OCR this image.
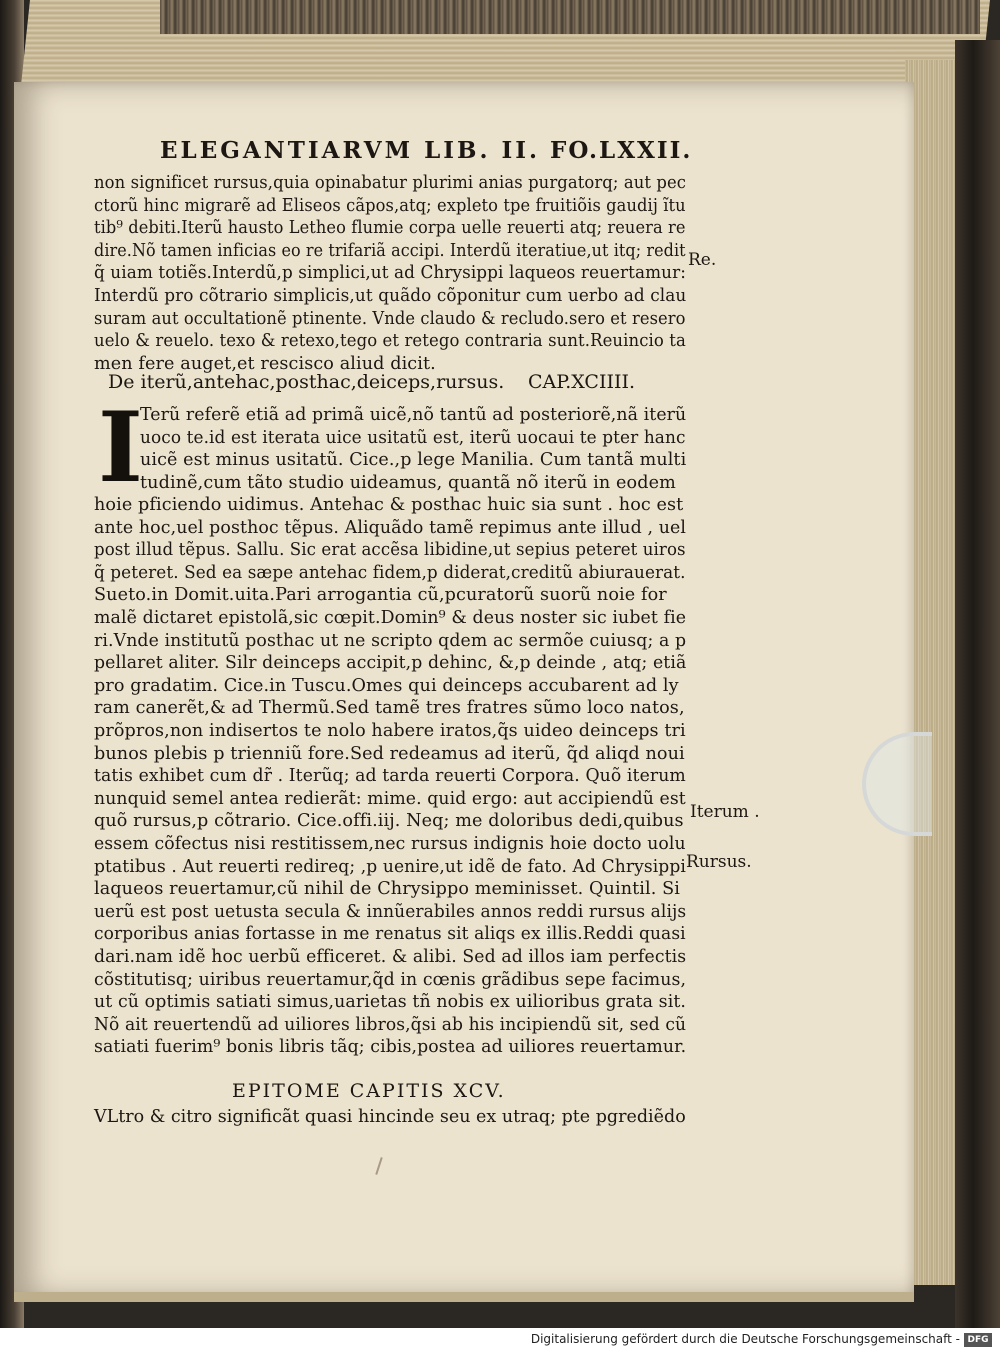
ELEGANTIARVM LIB. II. FO.LXXII.
non significet rursus,quia opinabatur plurimi anias purgatorq; aut pec
ctorũ hinc migrarẽ ad Eliseos cãpos,atq; expleto tpe fruitiõis gaudij ĩtu
tib⁹ debiti.Iterũ hausto Letheo flumie corpa uelle reuerti atq; reuera re
dire.Nõ tamen inficias eo re trifariã accipi. Interdũ iteratiue,ut itq; redit
q̃ uiam totiẽs.Interdũ,p simplici,ut ad Chrysippi laqueos reuertamur:
Interdũ pro cõtrario simplicis,ut quãdo cõponitur cum uerbo ad clau
suram aut occultationẽ ptinente. Vnde claudo & recludo.sero et resero
uelo & reuelo. texo & retexo,tego et retego contraria sunt.Reuincio ta
men fere auget,et rescisco aliud dicit.
De iterũ,antehac,posthac,deiceps,rursus. CAP.XCIIII.
I
Terũ referẽ etiã ad primã uicẽ,nõ tantũ ad posteriorẽ,nã iterũ
uoco te.id est iterata uice usitatũ est, iterũ uocaui te pter hanc
uicẽ est minus usitatũ. Cice.,p lege Manilia. Cum tantã multi
tudinẽ,cum tãto studio uideamus, quantã nõ iterũ in eodem
hoie pficiendo uidimus. Antehac & posthac huic siа sunt . hoc est
ante hoc,uel posthoc tẽpus. Aliquãdo tamẽ repimus ante illud , uel
post illud tẽpus. Sallu. Sic erat accẽsa libidine,ut sepius peteret uiros
q̃ peteret. Sed ea sæpe antehac fidem,p diderat,creditũ abiurauerat.
Sueto.in Domit.uita.Pari arrogantia cũ,pcuratorũ suorũ noie for
malẽ dictaret epistolã,sic cœpit.Domin⁹ & deus noster sic iubet fie
ri.Vnde institutũ posthac ut ne scripto qdem ac sermõe cuiusq; a p
pellaret aliter. Silr deinceps accipit,p dehinc, &,p deinde , atq; etiã
pro gradatim. Cice.in Tuscu.Omes qui deinceps accubarent ad ly
ram canerẽt,& ad Thermũ.Sed tamẽ tres fratres sũmo loco natos,
prõpros,non indisertos te nolo habere iratos,q̃s uideo deinceps tri
bunos plebis p trienniũ fore.Sed redeamus ad iterũ, q̃d aliqd noui
tatis exhibet cum dr̃ . Iterũq; ad tarda reuerti Corpora. Quõ iterum
nunquid semel antea redierãt: mime. quid ergo: aut accipiendũ est
quõ rursus,p cõtrario. Cice.offi.iij. Neq; me doloribus dedi,quibus
essem cõfectus nisi restitissem,nec rursus indignis hoie docto uolu
ptatibus . Aut reuerti redireq; ,p uenire,ut idẽ de fato. Ad Chrysippi
laqueos reuertamur,cũ nihil de Chrysippo meminisset. Quintil. Si
uerũ est post uetusta secula & innũerabiles annos reddi rursus alijs
corporibus anias fortasse in me renatus sit aliqs ex illis.Reddi quasi
dari.nam idẽ hoc uerbũ efficeret. & alibi. Sed ad illos iam perfectis
cõstitutisq; uiribus reuertamur,q̃d in cœnis grãdibus sepe facimus,
ut cũ optimis satiati simus,uarietas tñ nobis ex uilioribus grata sit.
Nõ ait reuertendũ ad uiliores libros,q̃si ab his incipiendũ sit, sed cũ
satiati fuerim⁹ bonis libris tãq; cibis,postea ad uiliores reuertamur.
EPITOME CAPITIS XCV.
VLtro & citro significãt quasi hincinde seu ex utraq; pte pgrediẽdo
Re.
Iterum .
Rursus.
Digitalisierung gefördert durch die Deutsche Forschungsgemeinschaft - DFG
